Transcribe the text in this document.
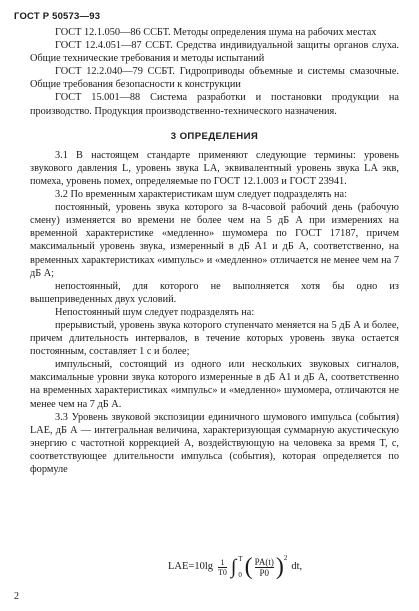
ГОСТ Р 50573—93

ГОСТ 12.1.050—86 ССБТ. Методы определения шума на рабочих местах

ГОСТ 12.4.051—87 ССБТ. Средства индивидуальной защиты органов слуха. Общие технические требования и методы испытаний

ГОСТ 12.2.040—79 ССБТ. Гидроприводы объемные и системы смазочные. Общие требования безопасности к конструкции

ГОСТ 15.001—88 Система разработки и постановки продукции на производство. Продукция производственно-технического назначения.

3 ОПРЕДЕЛЕНИЯ

3.1 В настоящем стандарте применяют следующие термины: уровень звукового давления L, уровень звука LA, эквивалентный уровень звука LA экв, помеха, уровень помех, определяемые по ГОСТ 12.1.003 и ГОСТ 23941.

3.2 По временным характеристикам шум следует подразделять на:

постоянный, уровень звука которого за 8-часовой рабочий день (рабочую смену) изменяется во времени не более чем на 5 дБ А при измерениях на временной характеристике «медленно» шумомера по ГОСТ 17187, причем максимальный уровень звука, измеренный в дБ А1 и дБ А, соответственно, на временных характеристиках «импульс» и «медленно» отличается не менее чем на 7 дБ А;

непостоянный, для которого не выполняется хотя бы одно из вышеприведенных двух условий.

Непостоянный шум следует подразделять на:

прерывистый, уровень звука которого ступенчато меняется на 5 дБ А и более, причем длительность интервалов, в течение которых уровень звука остается постоянным, составляет 1 с и более;

импульсный, состоящий из одного или нескольких звуковых сигналов, максимальные уровни звука которого измеренные в дБ А1 и дБ А, соответственно на временных характеристиках «импульс» и «медленно» шумомера, отличаются не менее чем на 7 дБ А.

3.3 Уровень звуковой экспозиции единичного шумового импульса (события) LAE, дБ А — интегральная величина, характеризующая суммарную акустическую энергию с частотной коррекцией А, воздействующую на человека за время T, с, соответствующее длительности импульса (события), которая определяется по формуле

$LAE=10\lg \frac{1}{T0}$ ∫ T
0 ( PA(t)
P0 ) 2
dt,
2
